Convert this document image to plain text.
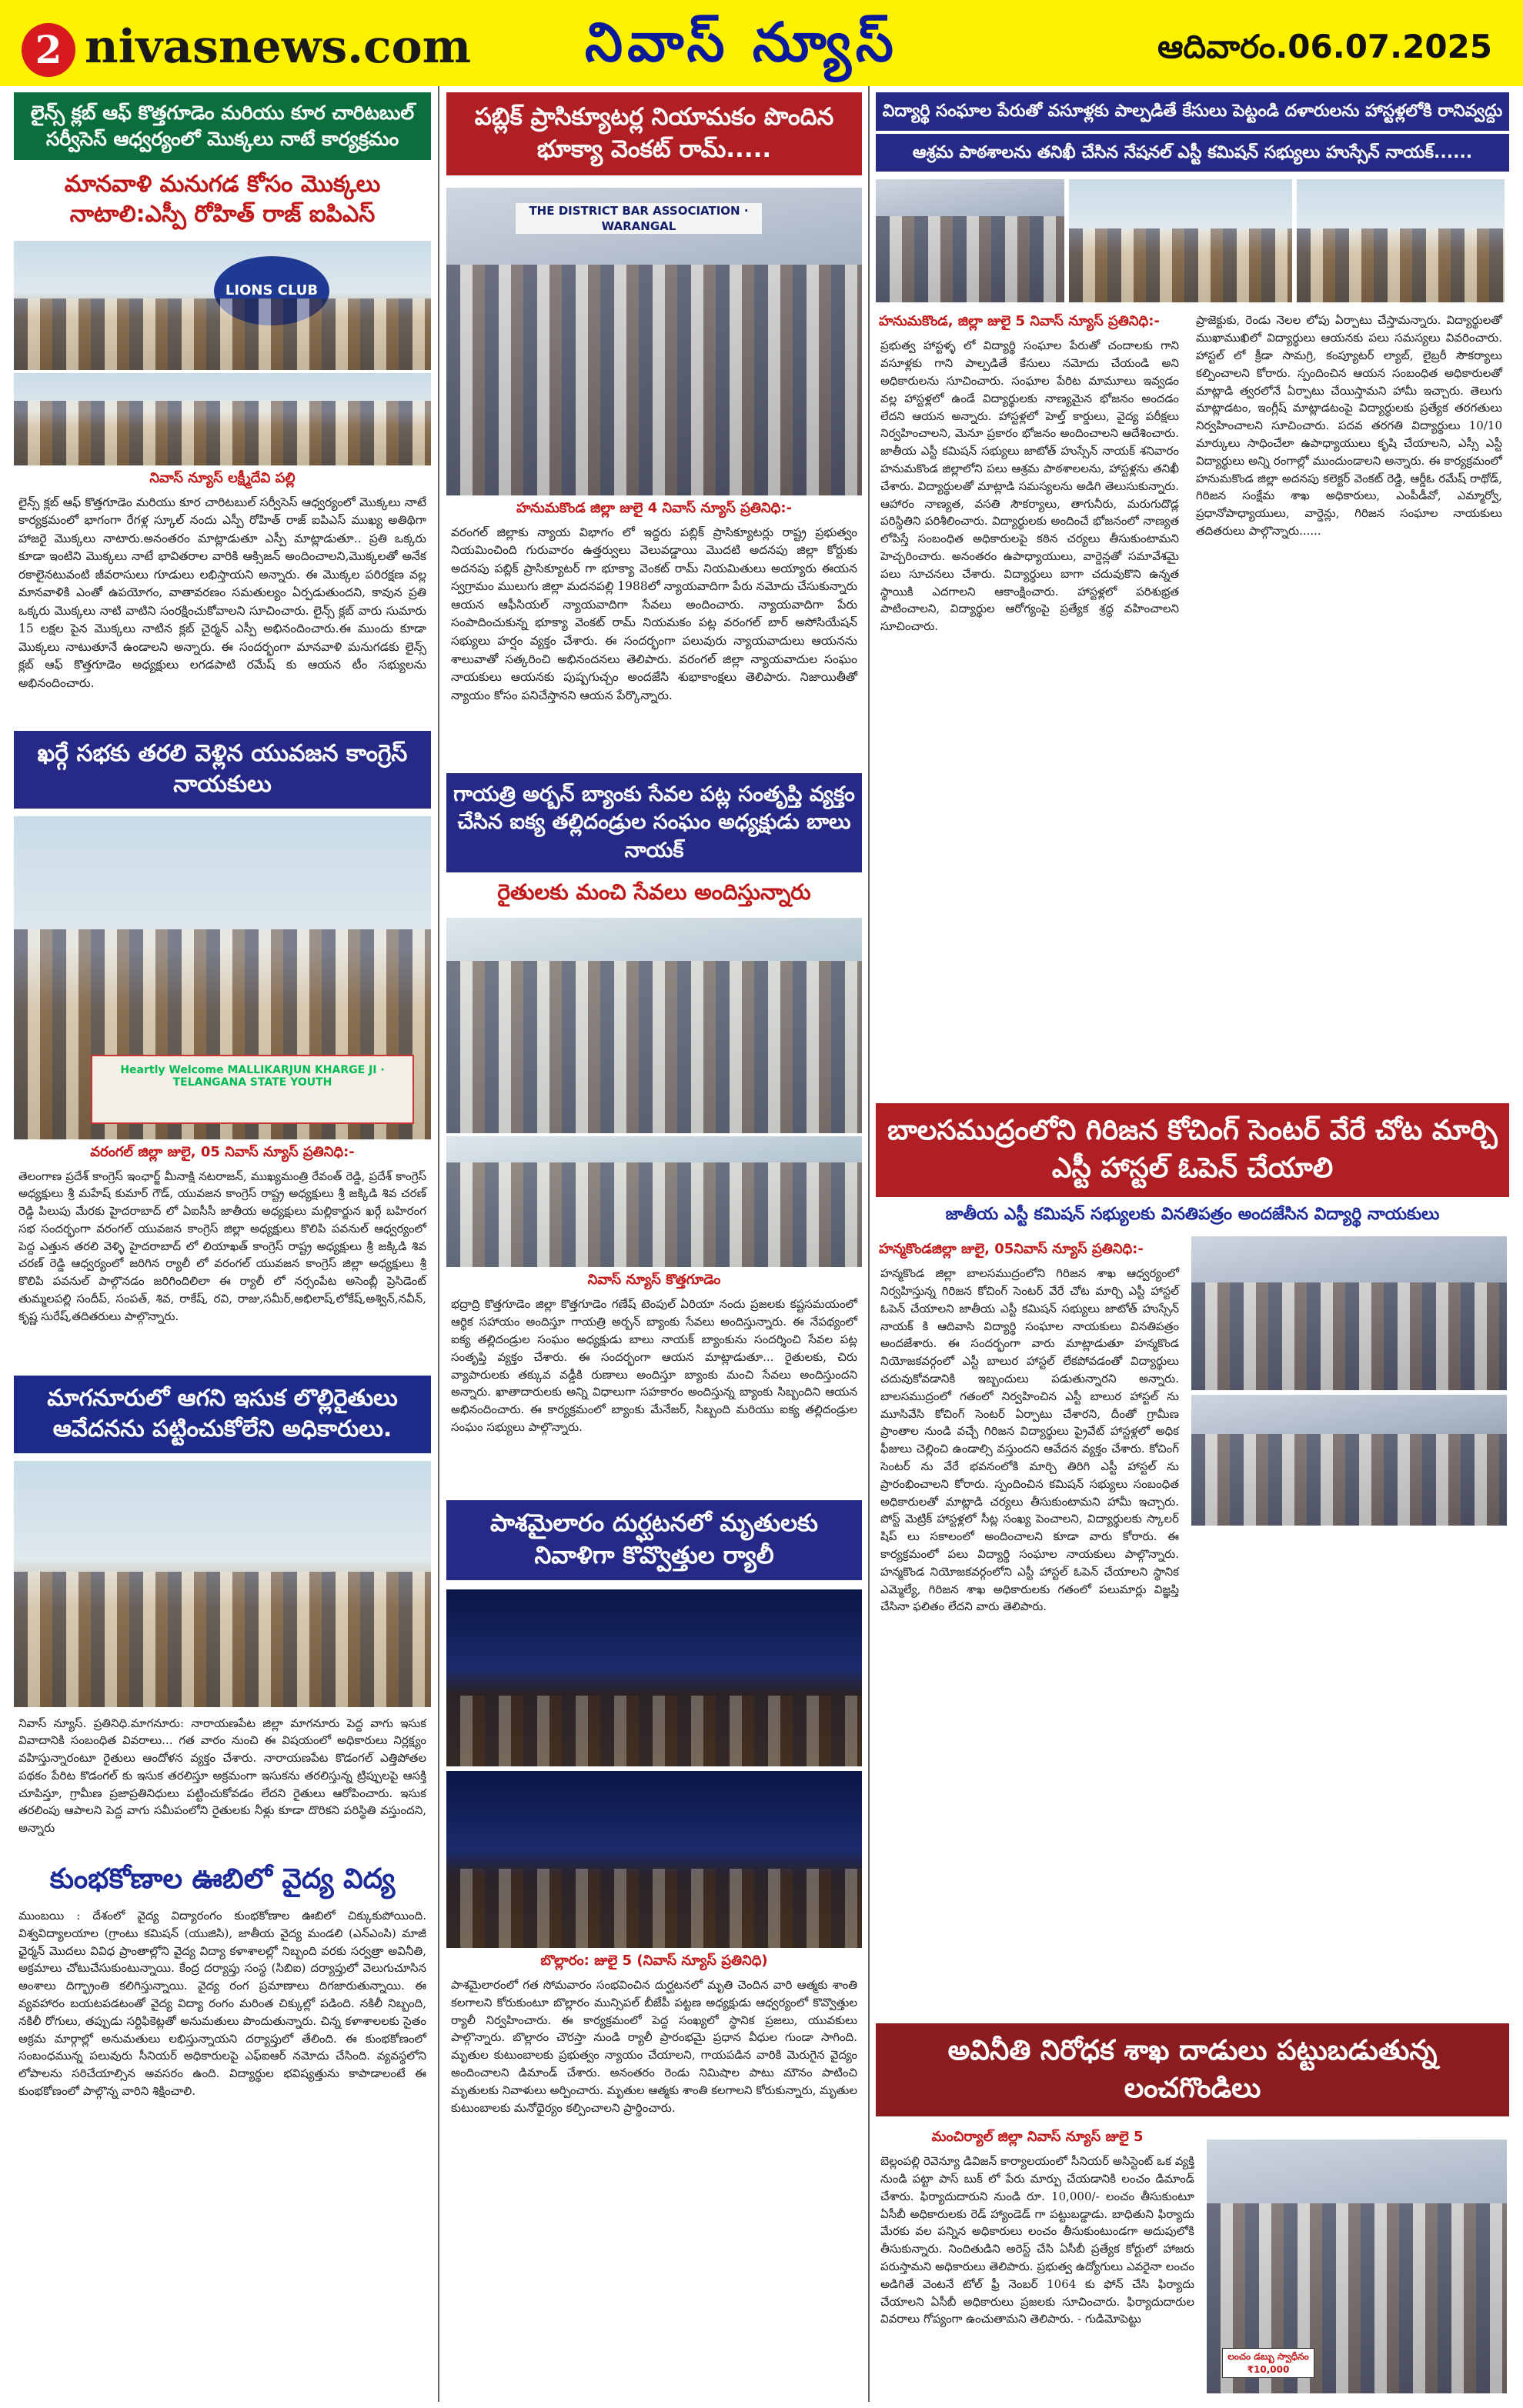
2 nivasnews.com నివాస్ న్యూస్	ఆదివారం.06.07.2025
లైన్స్ క్లబ్ ఆఫ్ కొత్తగూడెం మరియు కూర చారిటబుల్ సర్వీసెస్ ఆధ్వర్యంలో మొక్కలు నాటే కార్యక్రమం
మానవాళి మనుగడ కోసం మొక్కలు నాటాలి:ఎస్పీ రోహిత్ రాజ్ ఐపిఎస్
LIONS CLUB
నివాస్ న్యూస్ లక్ష్మీదేవి పల్లి
లైన్స్ క్లబ్ ఆఫ్ కొత్తగూడెం మరియు కూర చారిటబుల్ సర్వీసెస్ ఆధ్వర్యంలో మొక్కలు నాటే కార్యక్రమంలో భాగంగా రేగళ్ల స్కూల్ నందు ఎస్పీ రోహిత్ రాజ్ ఐపిఎస్ ముఖ్య అతిథిగా హాజరై మొక్కలు నాటారు.అనంతరం మాట్లాడుతూ ఎస్పీ మాట్లాడుతూ.. ప్రతి ఒక్కరు కూడా ఇంటిని మొక్కలు నాటే భావితరాల వారికి ఆక్సిజన్ అందించాలని,మొక్కలతో అనేక రకాలైనటువంటి జీవరాసులు గూడులు లభిస్తాయని అన్నారు. ఈ మొక్కల పరిరక్షణ వల్ల మానవాళికి ఎంతో ఉపయోగం, వాతావరణం సమతుల్యం ఏర్పడుతుందని, కావున ప్రతి ఒక్కరు మొక్కలు నాటి వాటిని సంరక్షించుకోవాలని సూచించారు. లైన్స్ క్లబ్ వారు సుమారు 15 లక్షల పైన మొక్కలు నాటిన క్లబ్ చైర్మన్ ఎస్పీ అభినందించారు.ఈ ముందు కూడా మొక్కలు నాటుతూనే ఉండాలని అన్నారు. ఈ సందర్భంగా మానవాళి మనుగడకు లైన్స్ క్లబ్ ఆఫ్ కొత్తగూడెం అధ్యక్షులు లగడపాటి రమేష్ కు ఆయన టీం సభ్యులను అభినందించారు.
ఖర్గే సభకు తరలి వెళ్లిన యువజన కాంగ్రెస్ నాయకులు
Heartly Welcome MALLIKARJUN KHARGE JI · TELANGANA STATE YOUTH
వరంగల్ జిల్లా జులై, 05 నివాస్ న్యూస్ ప్రతినిధి:-
తెలంగాణ ప్రదేశ్ కాంగ్రెస్ ఇంఛార్జ్ మీనాక్షి నటరాజన్, ముఖ్యమంత్రి రేవంత్ రెడ్డి, ప్రదేశ్ కాంగ్రెస్ అధ్యక్షులు శ్రీ మహేష్ కుమార్ గౌడ్, యువజన కాంగ్రెస్ రాష్ట్ర అధ్యక్షులు శ్రీ జక్కిడి శివ చరణ్ రెడ్డి పిలుపు మేరకు హైదరాబాద్ లో ఏఐసీసీ జాతీయ అధ్యక్షులు మల్లికార్జున ఖర్గే బహిరంగ సభ సందర్భంగా వరంగల్ యువజన కాంగ్రెస్ జిల్లా అధ్యక్షులు కొలిపి పవనుల్ ఆధ్వర్యంలో పెద్ద ఎత్తున తరలి వెళ్ళి హైదరాబాద్ లో లియాఖత్ కాంగ్రెస్ రాష్ట్ర అధ్యక్షులు శ్రీ జక్కిడి శివ చరణ్ రెడ్డి ఆధ్వర్యంలో జరిగిన ర్యాలీ లో వరంగల్ యువజన కాంగ్రెస్ జిల్లా అధ్యక్షులు శ్రీ కొలిపి పవనుల్ పాల్గొనడం జరిగిందిలిలా ఈ ర్యాలీ లో నర్సంపేట అసెంబ్లీ ప్రెసిడెంట్ తుమ్మలపల్లి సందీప్, సంపత్, శివ, రాకేష్, రవి, రాజు,సమీర్,అభిలాష్,లోకేష్,అశ్విన్,నవీన్, కృష్ణ సురేష్,తదితరులు పాల్గొన్నారు.
మాగనూరులో ఆగని ఇసుక లొల్లిరైతులు ఆవేదనను పట్టించుకోలేని అధికారులు.
నివాస్ న్యూస్. ప్రతినిధి.మాగనూరు: నారాయణపేట జిల్లా మాగనూరు పెద్ద వాగు ఇసుక వివాదానికి సంబంధిత వివరాలు... గత వారం నుంచి ఈ విషయంలో అధికారులు నిర్లక్ష్యం వహిస్తున్నారంటూ రైతులు ఆందోళన వ్యక్తం చేశారు. నారాయణపేట కొడంగల్ ఎత్తిపోతల పథకం పేరిట కొడంగల్ కు ఇసుక తరలిస్తూ అక్రమంగా ఇసుకను తరలిస్తున్న ట్రిప్పులపై ఆసక్తి చూపిస్తూ, గ్రామీణ ప్రజాప్రతినిధులు పట్టించుకోవడం లేదని రైతులు ఆరోపించారు. ఇసుక తరలింపు ఆపాలని పెద్ద వాగు సమీపంలోని రైతులకు నీళ్లు కూడా దొరికని పరిస్థితి వస్తుందని, అన్నారు
కుంభకోణాల ఊబిలో వైద్య విద్య
ముంబయి : దేశంలో వైద్య విద్యారంగం కుంభకోణాల ఊబిలో చిక్కుకుపోయింది. విశ్వవిద్యాలయాల (గ్రాంటు కమిషన్ (యుజిసి), జాతీయ వైద్య మండలి (ఎన్ఎంసి) మాజీ ఛైర్మన్ మొదలు వివిధ ప్రాంతాల్లోని వైద్య విద్యా కళాశాలల్లో నిబ్బంది వరకు సర్వత్రా అవినీతి, అక్రమాలు చోటుచేసుకుంటున్నాయి. కేంద్ర దర్యాప్తు సంస్థ (సిబిఐ) దర్యాప్తులో వెలుగుచూసిన అంశాలు దిగ్భ్రాంతి కలిగిస్తున్నాయి. వైద్య రంగ ప్రమాణాలు దిగజారుతున్నాయి. ఈ వ్యవహారం బయటపడటంతో వైద్య విద్యా రంగం మరింత చిక్కుల్లో పడింది. నకిలీ నిబ్బంది, నకిలీ రోగులు, తప్పుడు సర్టిఫికెట్లతో అనుమతులు పొందుతున్నారు. చిన్న కళాశాలలకు సైతం అక్రమ మార్గాల్లో అనుమతులు లభిస్తున్నాయని దర్యాప్తులో తేలింది. ఈ కుంభకోణంలో సంబంధమున్న పలువురు సీనియర్ అధికారులపై ఎఫ్ఐఆర్ నమోదు చేసింది. వ్యవస్థలోని లోపాలను సరిచేయాల్సిన అవసరం ఉంది. విద్యార్థుల భవిష్యత్తును కాపాడాలంటే ఈ కుంభకోణంలో పాల్గొన్న వారిని శిక్షించాలి.
పబ్లిక్ ప్రాసిక్యూటర్ల నియామకం పొందిన భూక్యా వెంకట్ రామ్.....
THE DISTRICT BAR ASSOCIATION · WARANGAL
హనుమకొండ జిల్లా జులై 4 నివాస్ న్యూస్ ప్రతినిధి:-
వరంగల్ జిల్లాకు న్యాయ విభాగం లో ఇద్దరు పబ్లిక్ ప్రాసిక్యూటర్లు రాష్ట్ర ప్రభుత్వం నియమించింది గురువారం ఉత్తర్వులు వెలువడ్డాయి మొదటి అదనపు జిల్లా కోర్టుకు అదనపు పబ్లిక్ ప్రాసిక్యూటర్ గా భూక్యా వెంకట్ రామ్ నియమితులు అయ్యారు ఈయన స్వగ్రామం ములుగు జిల్లా మదనపల్లి 1988లో న్యాయవాదిగా పేరు నమోదు చేసుకున్నారు ఆయన ఆఫీసియల్ న్యాయవాదిగా సేవలు అందించారు. న్యాయవాదిగా పేరు సంపాదించుకున్న భూక్యా వెంకట్ రామ్ నియమకం పట్ల వరంగల్ బార్ అసోసియేషన్ సభ్యులు హర్షం వ్యక్తం చేశారు. ఈ సందర్భంగా పలువురు న్యాయవాదులు ఆయనను శాలువాతో సత్కరించి అభినందనలు తెలిపారు. వరంగల్ జిల్లా న్యాయవాదుల సంఘం నాయకులు ఆయనకు పుష్పగుచ్చం అందజేసి శుభాకాంక్షలు తెలిపారు. నిజాయితీతో న్యాయం కోసం పనిచేస్తానని ఆయన పేర్కొన్నారు.
గాయత్రి అర్బన్ బ్యాంకు సేవల పట్ల సంతృప్తి వ్యక్తం చేసిన ఐక్య తల్లిదండ్రుల సంఘం అధ్యక్షుడు బాలు నాయక్
రైతులకు మంచి సేవలు అందిస్తున్నారు
నివాస్ న్యూస్ కొత్తగూడెం
భద్రాద్రి కొత్తగూడెం జిల్లా కొత్తగూడెం గణేష్ టెంపుల్ ఏరియా నందు ప్రజలకు కష్టసమయంలో ఆర్థిక సహాయం అందిస్తూ గాయత్రి అర్బన్ బ్యాంకు సేవలు అందిస్తున్నారు. ఈ నేపథ్యంలో ఐక్య తల్లిదండ్రుల సంఘం అధ్యక్షుడు బాలు నాయక్ బ్యాంకును సందర్శించి సేవల పట్ల సంతృప్తి వ్యక్తం చేశారు. ఈ సందర్భంగా ఆయన మాట్లాడుతూ... రైతులకు, చిరు వ్యాపారులకు తక్కువ వడ్డీకి రుణాలు అందిస్తూ బ్యాంకు మంచి సేవలు అందిస్తుందని అన్నారు. ఖాతాదారులకు అన్ని విధాలుగా సహకారం అందిస్తున్న బ్యాంకు సిబ్బందిని ఆయన అభినందించారు. ఈ కార్యక్రమంలో బ్యాంకు మేనేజర్, సిబ్బంది మరియు ఐక్య తల్లిదండ్రుల సంఘం సభ్యులు పాల్గొన్నారు.
పాశమైలారం దుర్ఘటనలో మృతులకు నివాళిగా కొవ్వొత్తుల ర్యాలీ
బొల్లారం: జులై 5 (నివాస్ న్యూస్ ప్రతినిధి)
పాశమైలారంలో గత సోమవారం సంభవించిన దుర్ఘటనలో మృతి చెందిన వారి ఆత్మకు శాంతి కలగాలని కోరుకుంటూ బొల్లారం మున్సిపల్ బీజేపీ పట్టణ అధ్యక్షుడు ఆధ్వర్యంలో కొవ్వొత్తుల ర్యాలీ నిర్వహించారు. ఈ కార్యక్రమంలో పెద్ద సంఖ్యలో స్థానిక ప్రజలు, యువకులు పాల్గొన్నారు. బొల్లారం చౌరస్తా నుండి ర్యాలీ ప్రారంభమై ప్రధాన వీధుల గుండా సాగింది. మృతుల కుటుంబాలకు ప్రభుత్వం న్యాయం చేయాలని, గాయపడిన వారికి మెరుగైన వైద్యం అందించాలని డిమాండ్ చేశారు. అనంతరం రెండు నిమిషాల పాటు మౌనం పాటించి మృతులకు నివాళులు అర్పించారు. మృతుల ఆత్మకు శాంతి కలగాలని కోరుకున్నారు, మృతుల కుటుంబాలకు మనోధైర్యం కల్పించాలని ప్రార్థించారు.
విద్యార్థి సంఘాల పేరుతో వసూళ్లకు పాల్పడితే కేసులు పెట్టండి దళారులను హాస్టళ్లలోకి రానివ్వద్దు
ఆశ్రమ పాఠశాలను తనిఖీ చేసిన నేషనల్ ఎస్టీ కమిషన్ సభ్యులు హుస్సేన్ నాయక్......
హనుమకొండ, జిల్లా జులై 5 నివాస్ న్యూస్ ప్రతినిధి:-
ప్రభుత్వ హాస్టళ్ళ లో విద్యార్థి సంఘాల పేరుతో చందాలకు గాని వసూళ్లకు గాని పాల్పడితే కేసులు నమోదు చేయండి అని అధికారులను సూచించారు. సంఘాల పేరిట మామూలు ఇవ్వడం వల్ల హాస్టళ్లలో ఉండే విద్యార్థులకు నాణ్యమైన భోజనం అందడం లేదని ఆయన అన్నారు. హాస్టళ్లలో హెల్త్ కార్డులు, వైద్య పరీక్షలు నిర్వహించాలని, మెనూ ప్రకారం భోజనం అందించాలని ఆదేశించారు. జాతీయ ఎస్టీ కమిషన్ సభ్యులు జాటోత్ హుస్సేన్ నాయక్ శనివారం హనుమకొండ జిల్లాలోని పలు ఆశ్రమ పాఠశాలలను, హాస్టళ్లను తనిఖీ చేశారు. విద్యార్థులతో మాట్లాడి సమస్యలను అడిగి తెలుసుకున్నారు. ఆహారం నాణ్యత, వసతి సౌకర్యాలు, తాగునీరు, మరుగుదొడ్ల పరిస్థితిని పరిశీలించారు. విద్యార్థులకు అందించే భోజనంలో నాణ్యత లోపిస్తే సంబంధిత అధికారులపై కఠిన చర్యలు తీసుకుంటామని హెచ్చరించారు. అనంతరం ఉపాధ్యాయులు, వార్డెన్లతో సమావేశమై పలు సూచనలు చేశారు. విద్యార్థులు బాగా చదువుకొని ఉన్నత స్థాయికి ఎదగాలని ఆకాంక్షించారు. హాస్టళ్లలో పరిశుభ్రత పాటించాలని, విద్యార్థుల ఆరోగ్యంపై ప్రత్యేక శ్రద్ధ వహించాలని సూచించారు.
ప్రాజెక్టుకు, రెండు నెలల లోపు ఏర్పాటు చేస్తామన్నారు. విద్యార్థులతో ముఖాముఖిలో విద్యార్థులు ఆయనకు పలు సమస్యలు వివరించారు. హాస్టల్ లో క్రీడా సామగ్రి, కంప్యూటర్ ల్యాబ్, లైబ్రరీ సౌకర్యాలు కల్పించాలని కోరారు. స్పందించిన ఆయన సంబంధిత అధికారులతో మాట్లాడి త్వరలోనే ఏర్పాటు చేయిస్తామని హామీ ఇచ్చారు. తెలుగు మాట్లాడటం, ఇంగ్లీష్ మాట్లాడటంపై విద్యార్థులకు ప్రత్యేక తరగతులు నిర్వహించాలని సూచించారు. పదవ తరగతి విద్యార్థులు 10/10 మార్కులు సాధించేలా ఉపాధ్యాయులు కృషి చేయాలని, ఎస్సీ ఎస్టీ విద్యార్థులు అన్ని రంగాల్లో ముందుండాలని అన్నారు. ఈ కార్యక్రమంలో హనుమకొండ జిల్లా అదనపు కలెక్టర్ వెంకట్ రెడ్డి, ఆర్డీఓ రమేష్ రాథోడ్, గిరిజన సంక్షేమ శాఖ అధికారులు, ఎంపీడీవో, ఎమ్మార్వో, ప్రధానోపాధ్యాయులు, వార్డెన్లు, గిరిజన సంఘాల నాయకులు తదితరులు పాల్గొన్నారు......
బాలసముద్రంలోని గిరిజన కోచింగ్ సెంటర్ వేరే చోట మార్చి ఎస్టీ హాస్టల్ ఓపెన్ చేయాలి
జాతీయ ఎస్టీ కమిషన్ సభ్యులకు వినతిపత్రం అందజేసిన విద్యార్థి నాయకులు
హన్మకొండజిల్లా జులై, 05నివాస్ న్యూస్ ప్రతినిధి:-
హన్మకొండ జిల్లా బాలసముద్రంలోని గిరిజన శాఖ ఆధ్వర్యంలో నిర్వహిస్తున్న గిరిజన కోచింగ్ సెంటర్ వేరే చోట మార్చి ఎస్టీ హాస్టల్ ఓపెన్ చేయాలని జాతీయ ఎస్టీ కమిషన్ సభ్యులు జాటోత్ హుస్సేన్ నాయక్ కి ఆదివాసి విద్యార్థి సంఘాల నాయకులు వినతిపత్రం అందజేశారు. ఈ సందర్భంగా వారు మాట్లాడుతూ హన్మకొండ నియోజకవర్గంలో ఎస్టీ బాలుర హాస్టల్ లేకపోవడంతో విద్యార్థులు చదువుకోవడానికి ఇబ్బందులు పడుతున్నారని అన్నారు. బాలసముద్రంలో గతంలో నిర్వహించిన ఎస్టీ బాలుర హాస్టల్ ను మూసివేసి కోచింగ్ సెంటర్ ఏర్పాటు చేశారని, దీంతో గ్రామీణ ప్రాంతాల నుండి వచ్చే గిరిజన విద్యార్థులు ప్రైవేట్ హాస్టళ్లలో అధిక ఫీజులు చెల్లించి ఉండాల్సి వస్తుందని ఆవేదన వ్యక్తం చేశారు. కోచింగ్ సెంటర్ ను వేరే భవనంలోకి మార్చి తిరిగి ఎస్టీ హాస్టల్ ను ప్రారంభించాలని కోరారు. స్పందించిన కమిషన్ సభ్యులు సంబంధిత అధికారులతో మాట్లాడి చర్యలు తీసుకుంటామని హామీ ఇచ్చారు. పోస్ట్ మెట్రిక్ హాస్టళ్లలో సీట్ల సంఖ్య పెంచాలని, విద్యార్థులకు స్కాలర్ షిప్ లు సకాలంలో అందించాలని కూడా వారు కోరారు. ఈ కార్యక్రమంలో పలు విద్యార్థి సంఘాల నాయకులు పాల్గొన్నారు. హన్మకొండ నియోజకవర్గంలోని ఎస్టీ హాస్టల్ ఓపెన్ చేయాలని స్థానిక ఎమ్మెల్యే, గిరిజన శాఖ అధికారులకు గతంలో పలుమార్లు విజ్ఞప్తి చేసినా ఫలితం లేదని వారు తెలిపారు.
అవినీతి నిరోధక శాఖ దాడులు పట్టుబడుతున్న లంచగొండిలు
మంచిర్యాల్ జిల్లా నివాస్ న్యూస్ జులై 5
బెల్లంపల్లి రెవెన్యూ డివిజన్ కార్యాలయంలో సీనియర్ అసిస్టెంట్ ఒక వ్యక్తి నుండి పట్టా పాస్ బుక్ లో పేరు మార్పు చేయడానికి లంచం డిమాండ్ చేశారు. ఫిర్యాదుదారుని నుండి రూ. 10,000/- లంచం తీసుకుంటూ ఏసీబీ అధికారులకు రెడ్ హ్యాండెడ్ గా పట్టుబడ్డాడు. బాధితుని ఫిర్యాదు మేరకు వల పన్నిన అధికారులు లంచం తీసుకుంటుండగా అదుపులోకి తీసుకున్నారు. నిందితుడిని అరెస్ట్ చేసి ఏసీబీ ప్రత్యేక కోర్టులో హాజరు పరుస్తామని అధికారులు తెలిపారు. ప్రభుత్వ ఉద్యోగులు ఎవరైనా లంచం అడిగితే వెంటనే టోల్ ఫ్రీ నెంబర్ 1064 కు ఫోన్ చేసి ఫిర్యాదు చేయాలని ఏసీబీ అధికారులు ప్రజలకు సూచించారు. ఫిర్యాదుదారుల వివరాలు గోప్యంగా ఉంచుతామని తెలిపారు. - గుడిమోపెట్టు
లంచం డబ్బు స్వాధీనం ₹10,000
